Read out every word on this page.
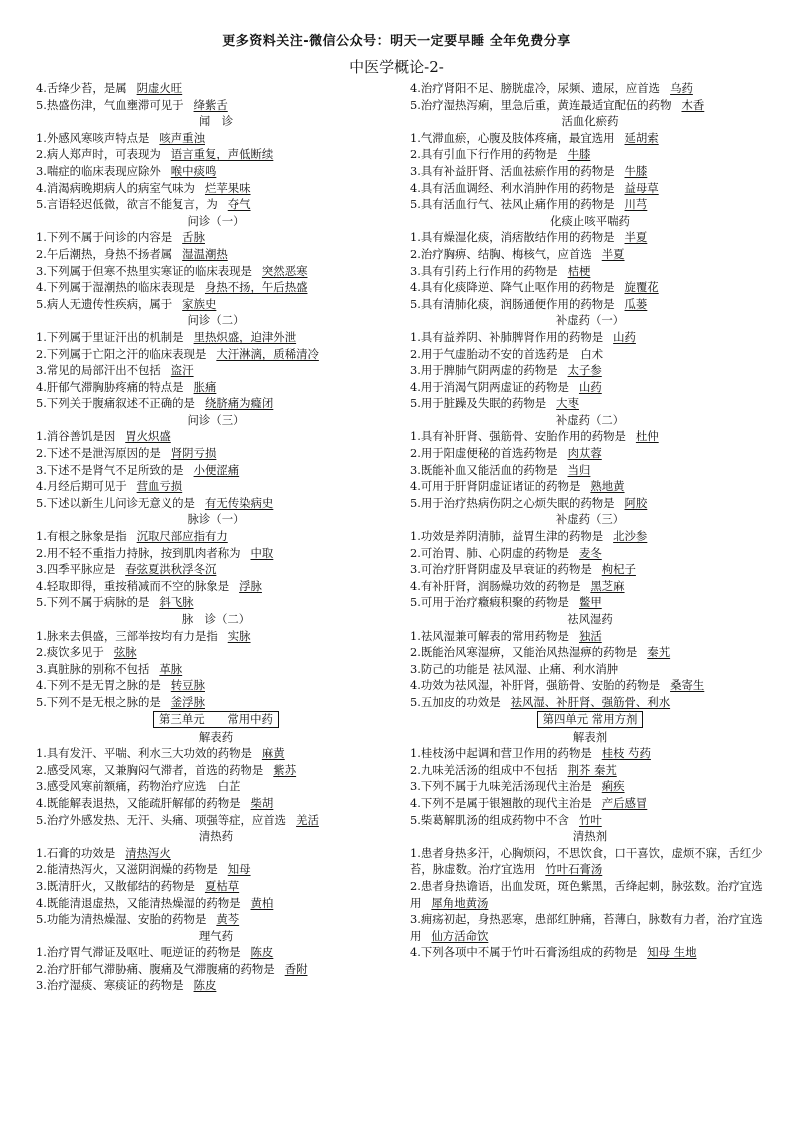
更多资料关注-微信公众号：明天一定要早睡 全年免费分享
中医学概论-2-
4.舌绛少苔，是属 阴虚火旺
5.热盛伤津，气血壅滞可见于 绛紫舌
闻　诊
1.外感风寒咳声特点是 咳声重浊
2.病人郑声时，可表现为 语言重复，声低断续
3.喘症的临床表现应除外 喉中痰鸣
4.消渴病晚期病人的病室气味为 烂苹果味
5.言语轻迟低微，欲言不能复言，为 夺气
问诊（一）
1.下列不属于问诊的内容是 舌脉
2.午后潮热，身热不扬者属 湿温潮热
3.下列属于但寒不热里实寒证的临床表现是 突然恶寒
4.下列属于湿潮热的临床表现是 身热不扬，午后热盛
5.病人无遗传性疾病，属于 家族史
问诊（二）
1.下列属于里证汗出的机制是 里热炽盛，迫津外泄
2.下列属于亡阳之汗的临床表现是 大汗淋漓，质稀清冷
3.常见的局部汗出不包括 盗汗
4.肝郁气滞胸胁疼痛的特点是 胀痛
5.下列关于腹痛叙述不正确的是 绕脐痛为癃闭
问诊（三）
1.消谷善饥是因 胃火炽盛
2.下述不是泄泻原因的是 肾阴亏损
3.下述不是肾气不足所致的是 小便涩痛
4.月经后期可见于 营血亏损
5.下述以新生儿问诊无意义的是 有无传染病史
脉诊（一）
1.有根之脉象是指 沉取尺部应指有力
2.用不轻不重指力持脉，按到肌肉者称为 中取
3.四季平脉应是 春弦夏洪秋浮冬沉
4.轻取即得，重按稍减而不空的脉象是 浮脉
5.下列不属于病脉的是 斜飞脉
脉　诊（二）
1.脉来去俱盛，三部举按均有力是指 实脉
2.痰饮多见于 弦脉
3.真脏脉的别称不包括 革脉
4.下列不是无胃之脉的是 转豆脉
5.下列不是无根之脉的是 釜浮脉
第三单元　　常用中药
解表药
1.具有发汗、平喘、利水三大功效的药物是 麻黄
2.感受风寒，又兼胸闷气滞者，首选的药物是 紫苏
3.感受风寒前额痛，药物治疗应选　白芷
4.既能解表退热，又能疏肝解郁的药物是 柴胡
5.治疗外感发热、无汗、头痛、项强等症，应首选 羌活
清热药
1.石膏的功效是 清热泻火
2.能清热泻火，又滋阴润燥的药物是 知母
3.既清肝火，又散郁结的药物是 夏枯草
4.既能清退虚热，又能清热燥湿的药物是 黄柏
5.功能为清热燥湿、安胎的药物是 黄芩
理气药
1.治疗胃气滞证及呕吐、呃逆证的药物是 陈皮
2.治疗肝郁气滞胁痛、腹痛及气滞腹痛的药物是 香附
3.治疗湿痰、寒痰证的药物是 陈皮
4.治疗肾阳不足、膀胱虚冷，尿频、遗尿，应首选 乌药
5.治疗湿热泻痢，里急后重，黄连最适宜配伍的药物 木香
活血化瘀药
1.气滞血瘀，心腹及肢体疼痛，最宜选用 延胡索
2.具有引血下行作用的药物是 牛膝
3.具有补益肝肾、活血祛瘀作用的药物是 牛膝
4.具有活血调经、利水消肿作用的药物是 益母草
5.具有活血行气、祛风止痛作用的药物是 川芎
化痰止咳平喘药
1.具有燥湿化痰，消痞散结作用的药物是 半夏
2.治疗胸痹、结胸、梅核气，应首选 半夏
3.具有引药上行作用的药物是 桔梗
4.具有化痰降逆、降气止呕作用的药物是 旋覆花
5.具有清肺化痰，润肠通便作用的药物是 瓜蒌
补虚药（一）
1.具有益养阴、补肺脾肾作用的药物是 山药
2.用于气虚胎动不安的首选药是　白术
3.用于脾肺气阴两虚的药物是 太子参
4.用于消渴气阴两虚证的药物是 山药
5.用于脏躁及失眠的药物是 大枣
补虚药（二）
1.具有补肝肾、强筋骨、安胎作用的药物是 杜仲
2.用于阳虚便秘的首选药物是 肉苁蓉
3.既能补血又能活血的药物是 当归
4.可用于肝肾阴虚证诸证的药物是 熟地黄
5.用于治疗热病伤阴之心烦失眠的药物是 阿胶
补虚药（三）
1.功效是养阴清肺，益胃生津的药物是 北沙参
2.可治胃、肺、心阴虚的药物是 麦冬
3.可治疗肝肾阴虚及早衰证的药物是 枸杞子
4.有补肝肾，润肠燥功效的药物是 黑芝麻
5.可用于治疗癥瘕积聚的药物是 鳖甲
祛风湿药
1.祛风湿兼可解表的常用药物是 独活
2.既能治风寒湿痹，又能治风热湿痹的药物是 秦艽
3.防己的功能是 祛风湿、止痛、利水消肿
4.功效为祛风湿，补肝肾，强筋骨、安胎的药物是 桑寄生
5.五加皮的功效是 祛风湿、补肝肾、强筋骨、利水
第四单元 常用方剂
解表剂
1.桂枝汤中起调和营卫作用的药物是 桂枝 芍药
2.九味羌活汤的组成中不包括 荆芥 秦艽
3.下列不属于九味羌活汤现代主治是 痢疾
4.下列不是属于银翘散的现代主治是 产后感冒
5.柴葛解肌汤的组成药物中不含 竹叶
清热剂
1.患者身热多汗，心胸烦闷，不思饮食，口干喜饮，虚烦不寐，舌红少苔，脉虚数。治疗宜选用 竹叶石膏汤
2.患者身热谵语，出血发斑，斑色紫黑，舌绛起刺，脉弦数。治疗宜选用 犀角地黄汤
3.痈疡初起，身热恶寒，患部红肿痛，苔薄白，脉数有力者，治疗宜选用 仙方活命饮
4.下列各项中不属于竹叶石膏汤组成的药物是 知母 生地
